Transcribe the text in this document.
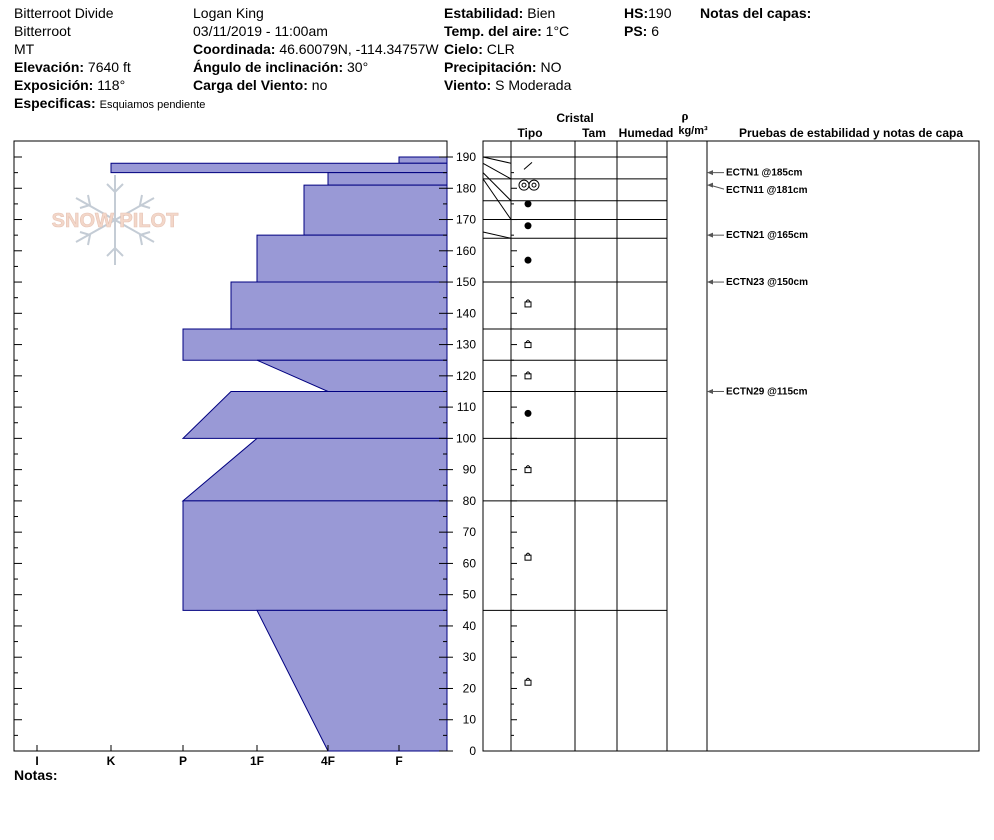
Bitterroot Divide
Bitterroot
MT
Elevación: 7640 ft
Exposición: 118°
Especificas: Esquiamos pendiente
Logan King
03/11/2019 - 11:00am
Coordinada: 46.60079N, -114.34757W
Ángulo de inclinación: 30°
Carga del Viento: no
Estabilidad: Bien
Temp. del aire: 1°C
Cielo: CLR
Precipitación: NO
Viento: S Moderada
HS:190
PS: 6
Notas del capas:
Notas:
SNOW PILOT
I	K	P	1F	4F	F
0
10
20
30
40
50
60
70
80
90
100
110
120
130
140
150
160
170
180
190
ECTN1 @185cm
ECTN11 @181cm
ECTN21 @165cm
ECTN23 @150cm
ECTN29 @115cm
Cristal
Tipo	Tam Humedad
ρ
kg/m³	Pruebas de estabilidad y notas de capa
